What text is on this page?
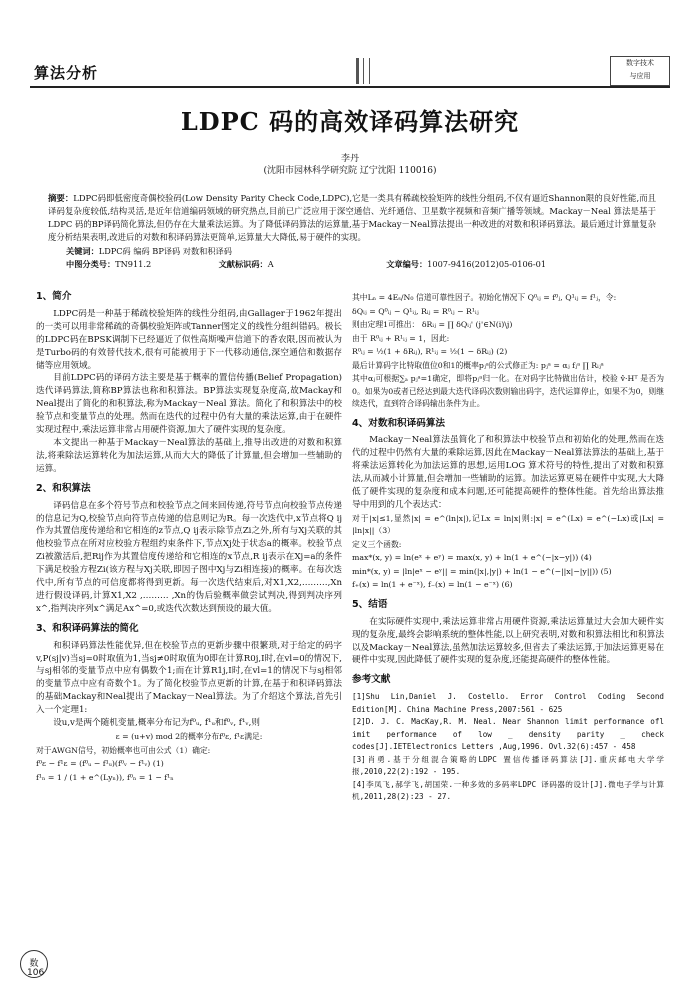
算法分析
数字技术
与应用
LDPC 码的高效译码算法研究
李丹
(沈阳市园林科学研究院 辽宁沈阳 110016)
摘要：LDPC码即低密度奇偶校验码(Low Density Parity Check Code,LDPC),它是一类具有稀疏校验矩阵的线性分组码,不仅有逼近Shannon限的良好性能,而且译码复杂度较低,结构灵活,是近年信道编码领域的研究热点,目前已广泛应用于深空通信、光纤通信、卫星数字视频和音频广播等领域。Mackay－Neal 算法是基于LDPC 码的BP译码简化算法,但仍存在大量乘法运算。为了降低译码算法的运算量,基于Mackay－Neal算法提出一种改进的对数和积译码算法。最后通过计算量复杂度分析结果表明,改进后的对数和积译码算法更简单,运算量大大降低,易于硬件的实现。
关键词：LDPC码 编码 BP译码 对数和积译码
中图分类号：TN911.2	文献标识码：A	文章编号：1007-9416(2012)05-0106-01
1、简介

LDPC码是一种基于稀疏校验矩阵的线性分组码,由Gallager于1962年提出的一类可以用非常稀疏的奇偶校验矩阵或Tanner图定义的线性分组纠错码。极长的LDPC码在BPSK调制下已经逼近了似性高斯噪声信道下的香农限,因而被认为是Turbo码的有效替代技术,很有可能被用于下一代移动通信,深空通信和数据存储等应用领域。

目前LDPC码的译码方法主要是基于概率的置信传播(Belief Propagation)迭代译码算法,简称BP算法也称和积算法。BP算法实现复杂度高,故Mackay和Neal提出了简化的和积算法,称为Mackay－Neal 算法。简化了和积算法中的校验节点和变量节点的处理。然而在迭代的过程中仍有大量的乘法运算,由于在硬件实现过程中,乘法运算非常占用硬件资源,加大了硬件实现的复杂度。

本文提出一种基于Mackay－Neal算法的基础上,推导出改进的对数和积算法,将乘除法运算转化为加法运算,从而大大的降低了计算量,但会增加一些辅助的运算。

2、和积算法

译码信息在多个符号节点和校验节点之间来回传递,符号节点向校验节点传递的信息记为Q,校验节点向符节点传递的信息则记为R。每一次迭代中,x节点将Q ij作为其置信度传递给和它相连的z节点,Q ij表示除节点Zi之外,所有与Xj关联的其他校验节点在所对应校验方程组约束条件下,节点Xj处于状态a的概率。校验节点Zi被激活后,把Rij作为其置信度传递给和它相连的x节点,R ij表示在Xj=a的条件下满足校验方程Zi(该方程与Xj关联,即因子图中Xj与Zi相连接)的概率。在每次迭代中,所有节点的可信度都将得到更新。每一次迭代结束后,对X1,X2,………,Xn进行假设译码,计算X1,X2 ,……… ,Xn的伪后验概率做尝试判决,得到判决序列x^,指判决序列x^满足Ax^=0,或迭代次数达到预设的最大值。

3、和积译码算法的简化

和积译码算法性能优异,但在校验节点的更新步骤中很繁琐,对于给定的码字v,P(sj|v)当sj=0时取值为1,当sj≠0时取值为0即在计算R0j,I时,在vl=0的情况下,与sj相邻的变量节点中应有偶数个1;而在计算R1j,I时,在vl=1的情况下与sj相邻的变量节点中应有奇数个1。为了简化校验节点更新的计算,在基于和积译码算法的基础Mackay和Neal提出了Mackay－Neal算法。为了介绍这个算法,首先引入一个定理1:

设u,v是两个随机变量,概率分布记为f⁰ᵤ, f¹ᵤ和f⁰ᵥ, f¹ᵥ,则

ε = (u+v) mod 2的概率分布f⁰ε, f¹ε满足:
对于AWGN信号，初始概率也可由公式（1）确定:
f⁰ε − f¹ε = (f⁰ᵤ − f¹ᵤ)(f⁰ᵥ − f¹ᵥ) (1)
f¹ₙ = 1 / (1 + e^(Lyₙ)), f⁰ₙ = 1 − f¹ₙ
其中Lₙ = 4Eₛ/N₀ 信道可靠性因子。初始化情况下 Q⁰ᵢⱼ = f⁰ⱼ, Q¹ᵢⱼ = f¹ⱼ，令:
δQᵢⱼ = Q⁰ᵢⱼ − Q¹ᵢⱼ, Rᵢⱼ = R⁰ᵢⱼ − R¹ᵢⱼ
则由定理1可推出： δRᵢⱼ = ∏ δQᵢⱼ' (j'∈N(i)\j)
由于 R⁰ᵢⱼ + R¹ᵢⱼ = 1，因此:
R⁰ᵢⱼ = ½(1 + δRᵢⱼ), R¹ᵢⱼ = ½(1 − δRᵢⱼ) (2)
最后计算码字比特取值位0和1的概率pⱼᵃ的公式修正为: pⱼᵃ = αⱼ fⱼᵃ ∏ Rᵢⱼᵃ
其中αⱼ可根据∑ₐ pⱼᵃ=1确定，即将pⱼᵃ归一化。在对码字比特做出估计，校验 v̂·Hᵀ 是否为0。如果为0或者已经达到最大迭代译码次数则输出码字，迭代运算停止，如果不为0，则继续迭代，直到符合译码输出条件为止。
4、对数和积译码算法

Mackay－Neal算法虽简化了和积算法中校验节点和初始化的处理,然而在迭代的过程中仍然有大量的乘除运算,因此在Mackay－Neal算法算法的基础上,基于将乘法运算转化为加法运算的思想,运用LOG 算术符号的特性,提出了对数和积算法,从而减小计算量,但会增加一些辅助的运算。加法运算更易在硬件中实现,大大降低了硬件实现的复杂度和成本问题,还可能提高硬件的整体性能。首先给出算法推导中用到的几个表达式：

对于|x|≤1,显然|x| = e^(ln|x|),记Lx = ln|x|则:|x| = e^(Lx) = e^(−Lx)或|Lx| = |ln|x||（3）
定义三个函数:
max*(x, y) = ln(eˣ + eʸ) = max(x, y) + ln(1 + e^(−|x−y|)) (4)
min*(x, y) = |ln|eˣ − eʸ|| = min(|x|,|y|) + ln(1 − e^(−||x|−|y||)) (5)
f₊(x) = ln(1 + e⁻ˣ), f₋(x) = ln(1 − e⁻ˣ) (6)
5、结语

在实际硬件实现中,乘法运算非常占用硬件资源,乘法运算量过大会加大硬件实现的复杂度,最终会影响系统的整体性能,以上研究表明,对数和积算法相比和积算法以及Mackay－Neal算法,虽然加法运算较多,但省去了乘法运算,于加法运算更易在硬件中实现,因此降低了硬件实现的复杂度,还能提高硬件的整体性能。

参考文献

[1]Shu Lin,Daniel J. Costello. Error Control Coding Second Edition[M]. China Machine Press,2007:561 - 625

[2]D. J. C. MacKay,R. M. Neal. Near Shannon limit performance ofl imit performance of low _ density parity _ check codes[J].IETElectronics Letters ,Aug,1996. Ovl.32(6):457 - 458

[3]肖勇.基于分组混合策略的LDPC 置信传播译码算法[J].重庆邮电大学学报,2010,22(2):192 - 195.

[4]李凤飞,郝学飞,胡国荣.一种多效的多码率LDPC 译码器的设计[J].微电子学与计算机,2011,28(2):23 - 27.

数
106
